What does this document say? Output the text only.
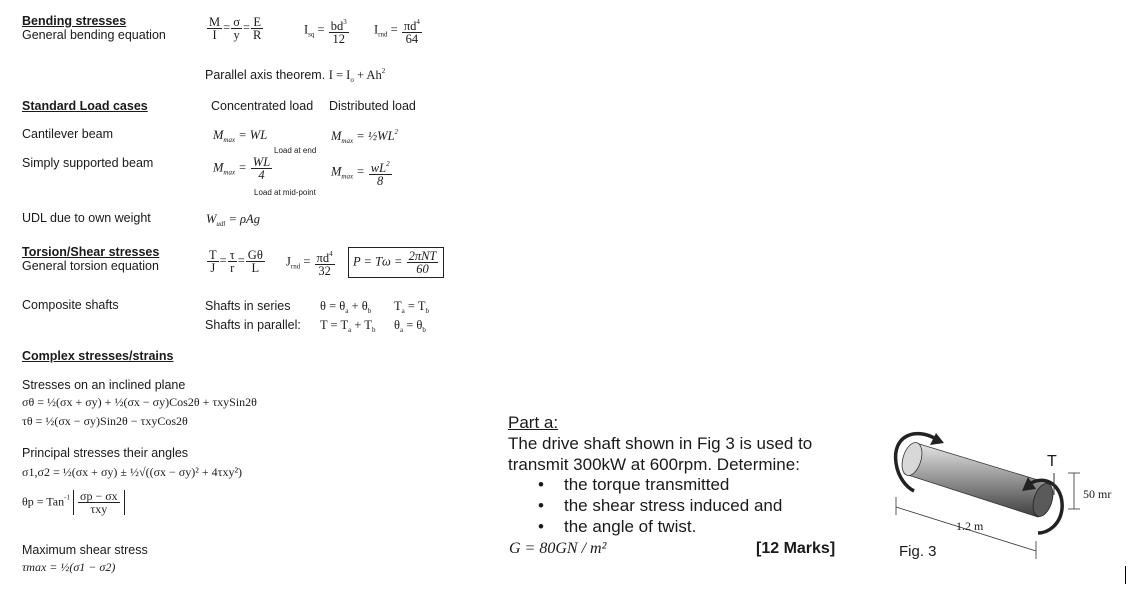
Bending stresses
General bending equation	$\frac{M}{I} = \frac{\sigma}{y} = \frac{E}{R}$	$I_{sq} = \frac{bd^3}{12} I_{rnd} = \frac{\pi d^4}{64}$
Parallel axis theorem. $I = I_o + Ah^2$
Standard Load cases	Concentrated load Distributed load
Cantilever beam	$M_{max}$ = WL	$M_{max}$ = $\frac{1}{2}WL^2$
Load at end
Simply supported beam	$M_{max} = \frac{WL}{4}$	$M_{max} = \frac{wL^2}{8}$
Load at mid-point
UDL due to own weight	$W_{udl} = \rho Ag$
Torsion/Shear stresses
General torsion equation	$\frac{T}{J} = \frac{\tau}{r} = \frac{G\theta}{L} J_{rnd} = \frac{\pi d^4}{32}$	$P = T\omega = \frac{\text{2πNT}}{60}$
Composite shafts	Shafts in series $\theta = \theta_a + \theta_b$ $T_a = T_b$
Shafts in parallel: $T = T_a + T_b$ $\theta_a = \theta_b$
Complex stresses/strains
Stresses on an inclined plane
σθ = ½(σx + σy) + ½(σx − σy)Cos2θ + τxySin2θ
τθ = ½(σx − σy)Sin2θ − τxyCos2θ
Principal stresses their angles
σ1,σ2 = ½(σx + σy) ± ½√((σx − σy)² + 4τxy²)
$\theta p = Tan^{-1} \frac{\sigma p - \sigma x}{\text{τxy}}$
Maximum shear stress
τmax = ½(σ1 − σ2)
Part a:
The drive shaft shown in Fig 3 is used to
transmit 300kW at 600rpm. Determine:
• the torque transmitted
• the shear stress induced and
• the angle of twist.
G = 80GN / m²	[12 Marks]
T
50 mr
1.2 m
Fig. 3
